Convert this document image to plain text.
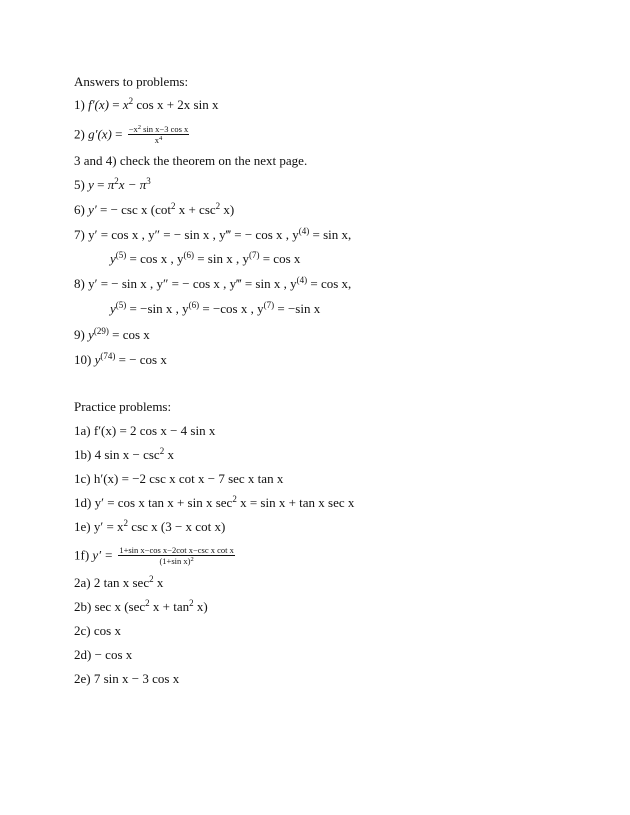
Answers to problems:
1) $f'(x) = x^2$ cos x + 2x sin x
2) $g'(x) = \frac{-x^2 \sin x-3 \cos x}{x^4}$
3 and 4) check the theorem on the next page.
5) $y = \pi^2x - \pi^3$
6) y′ = − csc x ($\cot^2$ $x + \csc^2 x$)
7) y′ = cos x , y″ = − sin x , y‴ = − cos x , $y^{(4)} = \sin x$,
$y^{(5)} = \cos x$ , $y^{(6)} = \sin x$ , $y^{(7)} = \cos x$
8) y′ = − sin x , y″ = − cos x , y‴ = sin x , $y^{(4)} = \cos x$,
$y^{(5)} = -\sin$ x , $y^{(6)} = -\cos$ x , $y^{(7)} = -\sin$ x
9) $y^{(29)} = \cos x$
10) $y^{(74)}$ = − cos x
Practice problems:
1a) f′(x) = 2 cos x − 4 sin x
1b) 4 $\sin x - \csc^2 x$
1c) h′(x) = −2 csc x cot x − 7 sec x tan x
1d) y′ = cos x tan x + sin x $\sec^2 x = \sin x + \tan x$ sec x
1e) $y' = x^2$ csc x (3 − x cot x)
1f) $y' = \frac{\text{1+sin x−cos x−2cot x−csc x cot x}}{(1+\sin x)^2}$
2a) 2 tan x $\sec^2 x$
2b) sec x ($\sec^2$ $x + \tan^2 x$)
2c) cos x
2d) − cos x
2e) 7 sin x − 3 cos x
